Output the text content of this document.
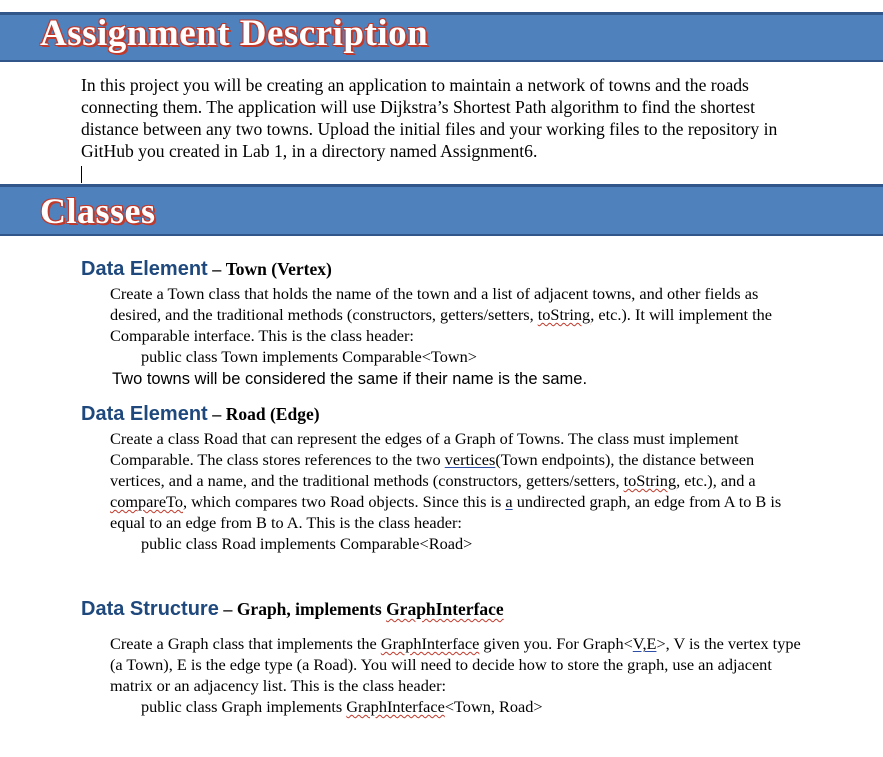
Assignment Description
In this project you will be creating an application to maintain a network of towns and the roads connecting them. The application will use Dijkstra’s Shortest Path algorithm to find the shortest distance between any two towns. Upload the initial files and your working files to the repository in GitHub you created in Lab 1, in a directory named Assignment6.
Classes
Data Element – Town (Vertex)
Create a Town class that holds the name of the town and a list of adjacent towns, and other fields as desired, and the traditional methods (constructors, getters/setters, toString, etc.). It will implement the Comparable interface. This is the class header:
public class Town implements Comparable<Town>
Two towns will be considered the same if their name is the same.
Data Element – Road (Edge)
Create a class Road that can represent the edges of a Graph of Towns. The class must implement Comparable. The class stores references to the two vertices(Town endpoints), the distance between vertices, and a name, and the traditional methods (constructors, getters/setters, toString, etc.), and a compareTo, which compares two Road objects. Since this is a undirected graph, an edge from A to B is equal to an edge from B to A. This is the class header:
public class Road implements Comparable<Road>
Data Structure – Graph, implements GraphInterface
Create a Graph class that implements the GraphInterface given you. For Graph<V,E>, V is the vertex type (a Town), E is the edge type (a Road). You will need to decide how to store the graph, use an adjacent matrix or an adjacency list. This is the class header:
public class Graph implements GraphInterface<Town, Road>
